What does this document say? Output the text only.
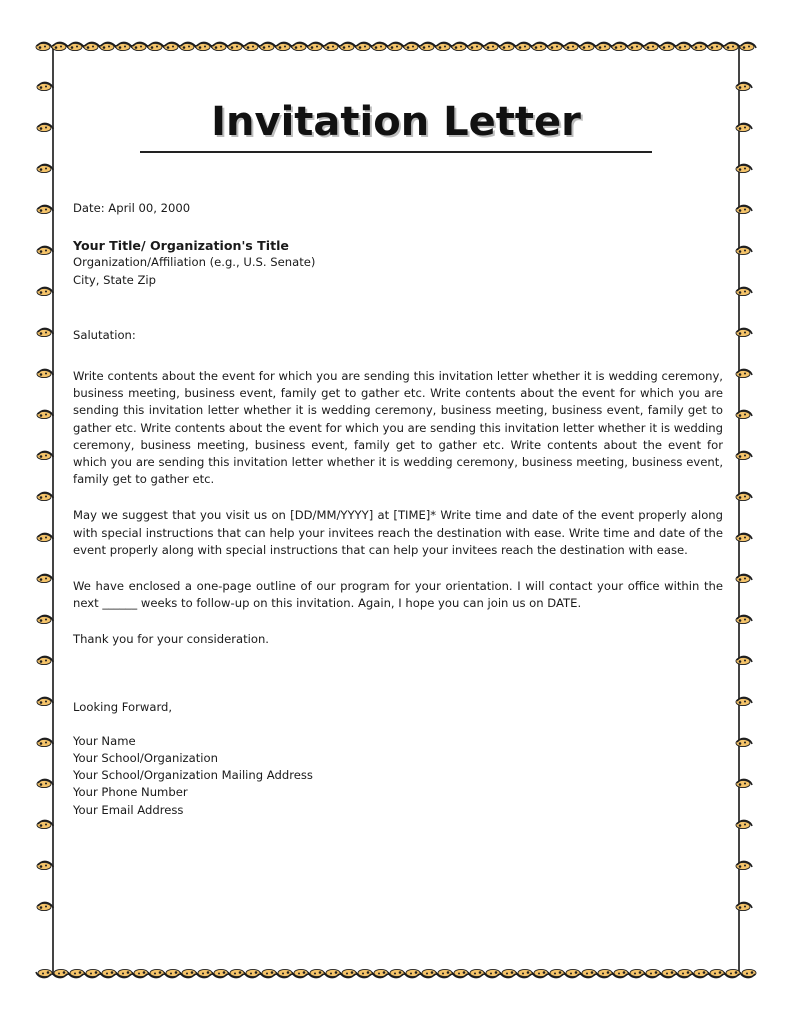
Invitation Letter

Date: April 00, 2000

Your Title/ Organization's Title

Organization/Affiliation (e.g., U.S. Senate)

City, State Zip

Salutation:

Write contents about the event for which you are sending this invitation letter whether it is wedding ceremony, business meeting, business event, family get to gather etc. Write contents about the event for which you are sending this invitation letter whether it is wedding ceremony, business meeting, business event, family get to gather etc. Write contents about the event for which you are sending this invitation letter whether it is wedding ceremony, business meeting, business event, family get to gather etc. Write contents about the event for which you are sending this invitation letter whether it is wedding ceremony, business meeting, business event, family get to gather etc.

May we suggest that you visit us on [DD/MM/YYYY] at [TIME]* Write time and date of the event properly along with special instructions that can help your invitees reach the destination with ease. Write time and date of the event properly along with special instructions that can help your invitees reach the destination with ease.

We have enclosed a one-page outline of our program for your orientation. I will contact your office within the next ______ weeks to follow-up on this invitation. Again, I hope you can join us on DATE.

Thank you for your consideration.

Looking Forward,

Your Name

Your School/Organization

Your School/Organization Mailing Address

Your Phone Number

Your Email Address
